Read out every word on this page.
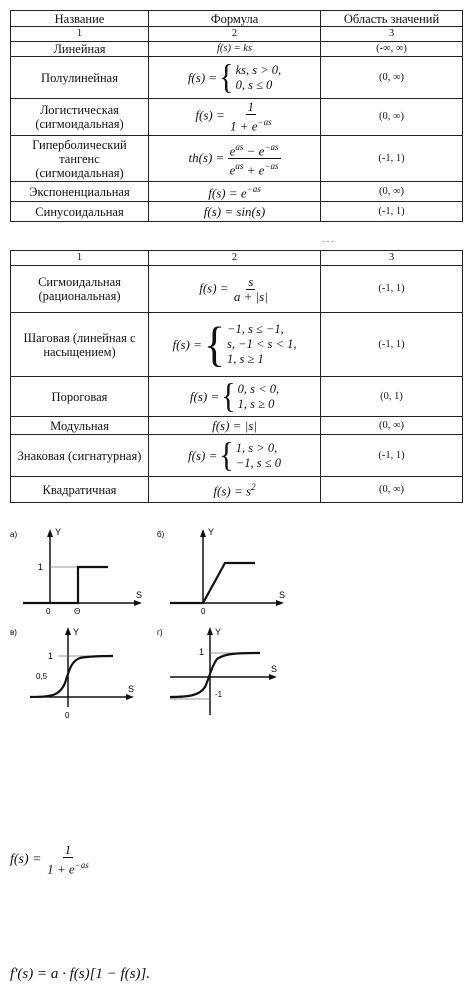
Название	Формула	Область значений
1	2	3
Линейная	f(s) = ks	(-∞, ∞)
Полулинейная	f(s) = { ks, s > 0,
0, s ≤ 0	(0, ∞)
Логистическая (сигмоидальная)	$f(s) = \frac{1}{1 + e^{-as}}$	(0, ∞)
Гиперболический тангенс (сигмоидальная)	$th(s) = \frac{e^{as} - e^{-as}}{e^{as} + e^{-as}}$	(-1, 1)
Экспоненциальная	$f(s) = e^{-as}$	(0, ∞)
Синусоидальная	f(s) = sin(s)	(-1, 1)
- - -
1	2	3
Сигмоидальная (рациональная)	$f(s) = \frac{s}{a + |s|}$	(-1, 1)
Шаговая (линейная с насыщением)	f(s) = { −1, s ≤ −1,
s, −1 < s < 1,
1, s ≥ 1	(-1, 1)
Пороговая	f(s) = { 0, s < 0,
1, s ≥ 0	(0, 1)
Модульная	f(s) = |s|	(0, ∞)
Знаковая (сигнатурная)	f(s) = { 1, s > 0,
−1, s ≤ 0	(-1, 1)
Квадратичная	$f(s) = s^2$	(0, ∞)
а)	Y
S
1
0	Θ
б)	Y
S
0
в)	Y
S
1
0,5
0
г)	Y
S
1
-1
$f(s) = \frac{1}{1 + e^{-as}}$
f'(s) = a · f(s)[1 − f(s)].
